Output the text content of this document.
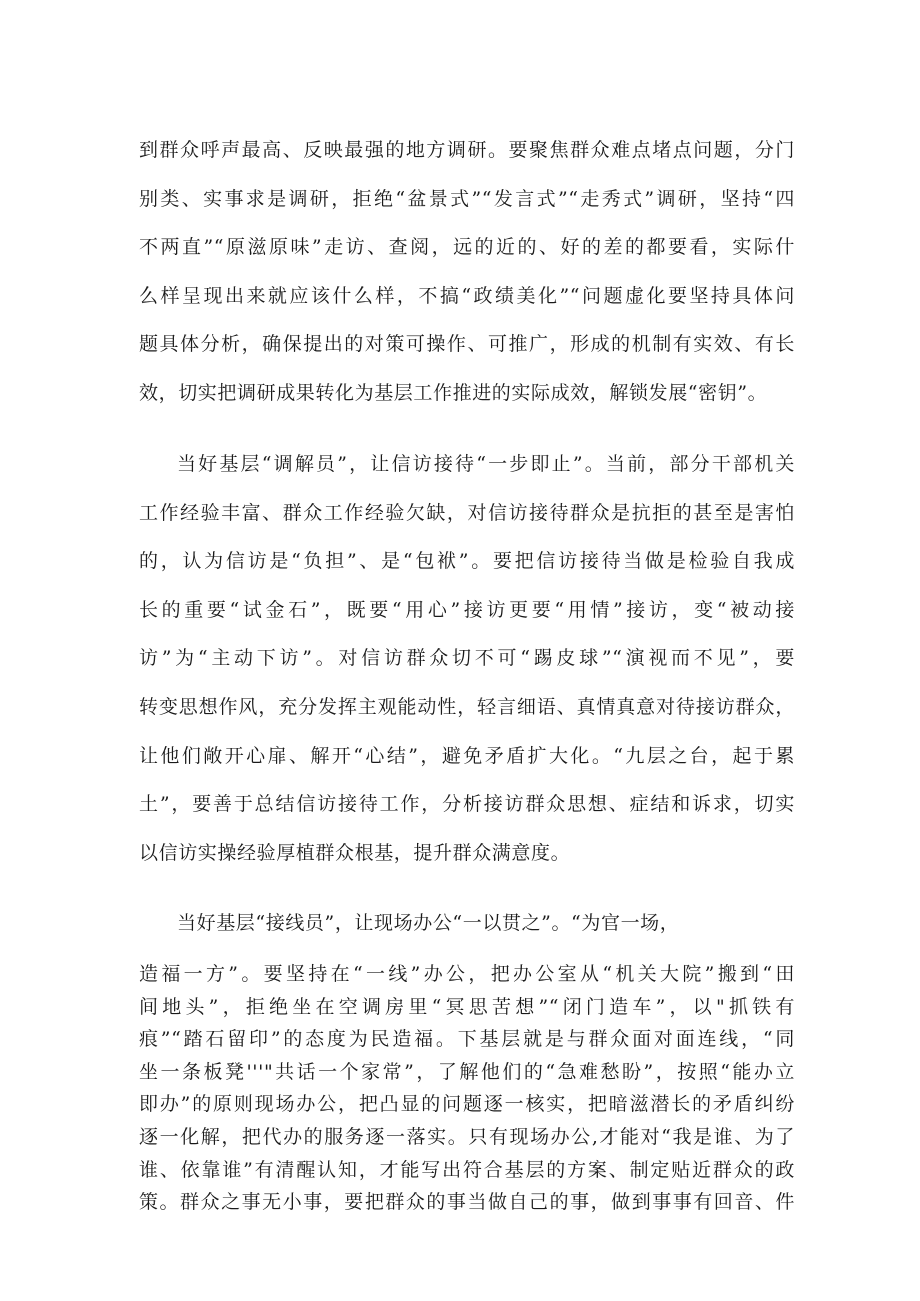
到群众呼声最高、反映最强的地方调研。要聚焦群众难点堵点问题，分门
别类、实事求是调研，拒绝“盆景式”“发言式”“走秀式”调研，坚持“四
不两直”“原滋原味”走访、查阅，远的近的、好的差的都要看，实际什
么样呈现出来就应该什么样，不搞“政绩美化”“问题虚化要坚持具体问
题具体分析，确保提出的对策可操作、可推广，形成的机制有实效、有长
效，切实把调研成果转化为基层工作推进的实际成效，解锁发展“密钥”。
当好基层“调解员”，让信访接待“一步即止”。当前，部分干部机关
工作经验丰富、群众工作经验欠缺，对信访接待群众是抗拒的甚至是害怕
的，认为信访是“负担”、是“包袱”。要把信访接待当做是检验自我成
长的重要“试金石”，既要“用心”接访更要“用情”接访，变“被动接
访”为“主动下访”。对信访群众切不可“踢皮球”“演视而不见”，要
转变思想作风，充分发挥主观能动性，轻言细语、真情真意对待接访群众，
让他们敞开心扉、解开“心结”，避免矛盾扩大化。“九层之台，起于累
土”，要善于总结信访接待工作，分析接访群众思想、症结和诉求，切实
以信访实操经验厚植群众根基，提升群众满意度。
当好基层“接线员”，让现场办公“一以贯之”。“为官一场，
造福一方”。要坚持在“一线”办公，把办公室从“机关大院”搬到“田
间地头”，拒绝坐在空调房里“冥思苦想”“闭门造车”，以"抓铁有
痕”“踏石留印”的态度为民造福。下基层就是与群众面对面连线，“同
坐一条板凳'''"共话一个家常”，了解他们的“急难愁盼”，按照“能办立
即办”的原则现场办公，把凸显的问题逐一核实，把暗滋潜长的矛盾纠纷
逐一化解，把代办的服务逐一落实。只有现场办公,才能对“我是谁、为了
谁、依靠谁”有清醒认知，才能写出符合基层的方案、制定贴近群众的政
策。群众之事无小事，要把群众的事当做自己的事，做到事事有回音、件
